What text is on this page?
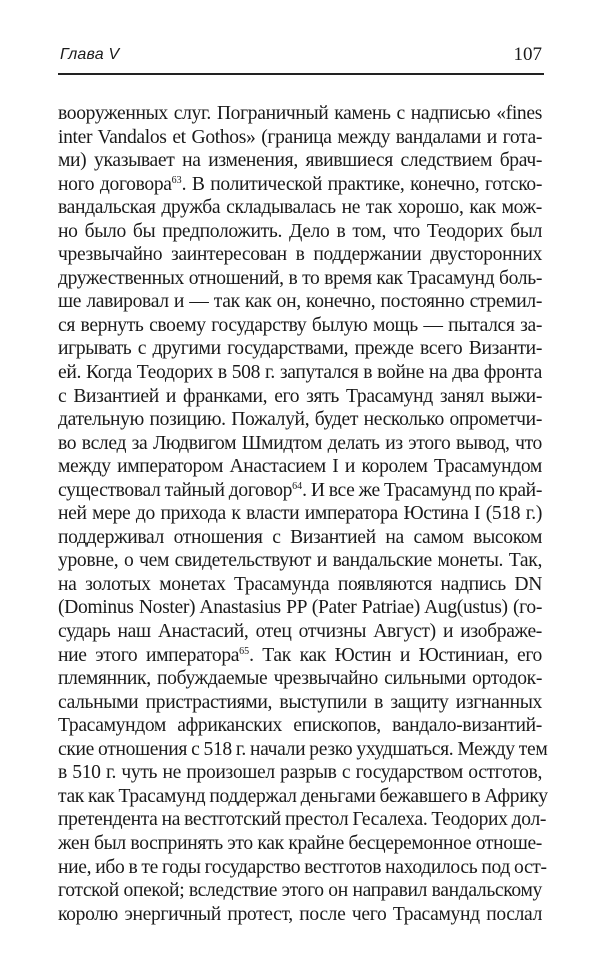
Глава V	107
вооруженных слуг. Пограничный камень с надписью «fines
inter Vandalos et Gothos» (граница между вандалами и гота-
ми) указывает на изменения, явившиеся следствием брач-
ного договора$^{63}$. В политической практике, конечно, готско-
вандальская дружба складывалась не так хорошо, как мож-
но было бы предположить. Дело в том, что Теодорих был
чрезвычайно заинтересован в поддержании двусторонних
дружественных отношений, в то время как Трасамунд боль-
ше лавировал и — так как он, конечно, постоянно стремил-
ся вернуть своему государству былую мощь — пытался за-
игрывать с другими государствами, прежде всего Византи-
ей. Когда Теодорих в 508 г. запутался в войне на два фронта
с Византией и франками, его зять Трасамунд занял выжи-
дательную позицию. Пожалуй, будет несколько опрометчи-
во вслед за Людвигом Шмидтом делать из этого вывод, что
между императором Анастасием I и королем Трасамундом
существовал тайный договор$^{64}$. И все же Трасамунд по край-
ней мере до прихода к власти императора Юстина I (518 г.)
поддерживал отношения с Византией на самом высоком
уровне, о чем свидетельствуют и вандальские монеты. Так,
на золотых монетах Трасамунда появляются надпись DN
(Dominus Noster) Anastasius PP (Pater Patriae) Aug(ustus) (го-
сударь наш Анастасий, отец отчизны Август) и изображе-
ние этого императора$^{65}$. Так как Юстин и Юстиниан, его
племянник, побуждаемые чрезвычайно сильными ортодок-
сальными пристрастиями, выступили в защиту изгнанных
Трасамундом африканских епископов, вандало-византий-
ские отношения с 518 г. начали резко ухудшаться. Между тем
в 510 г. чуть не произошел разрыв с государством остготов,
так как Трасамунд поддержал деньгами бежавшего в Африку
претендента на вестготский престол Гесалеха. Теодорих дол-
жен был воспринять это как крайне бесцеремонное отноше-
ние, ибо в те годы государство вестготов находилось под ост-
готской опекой; вследствие этого он направил вандальскому
королю энергичный протест, после чего Трасамунд послал
